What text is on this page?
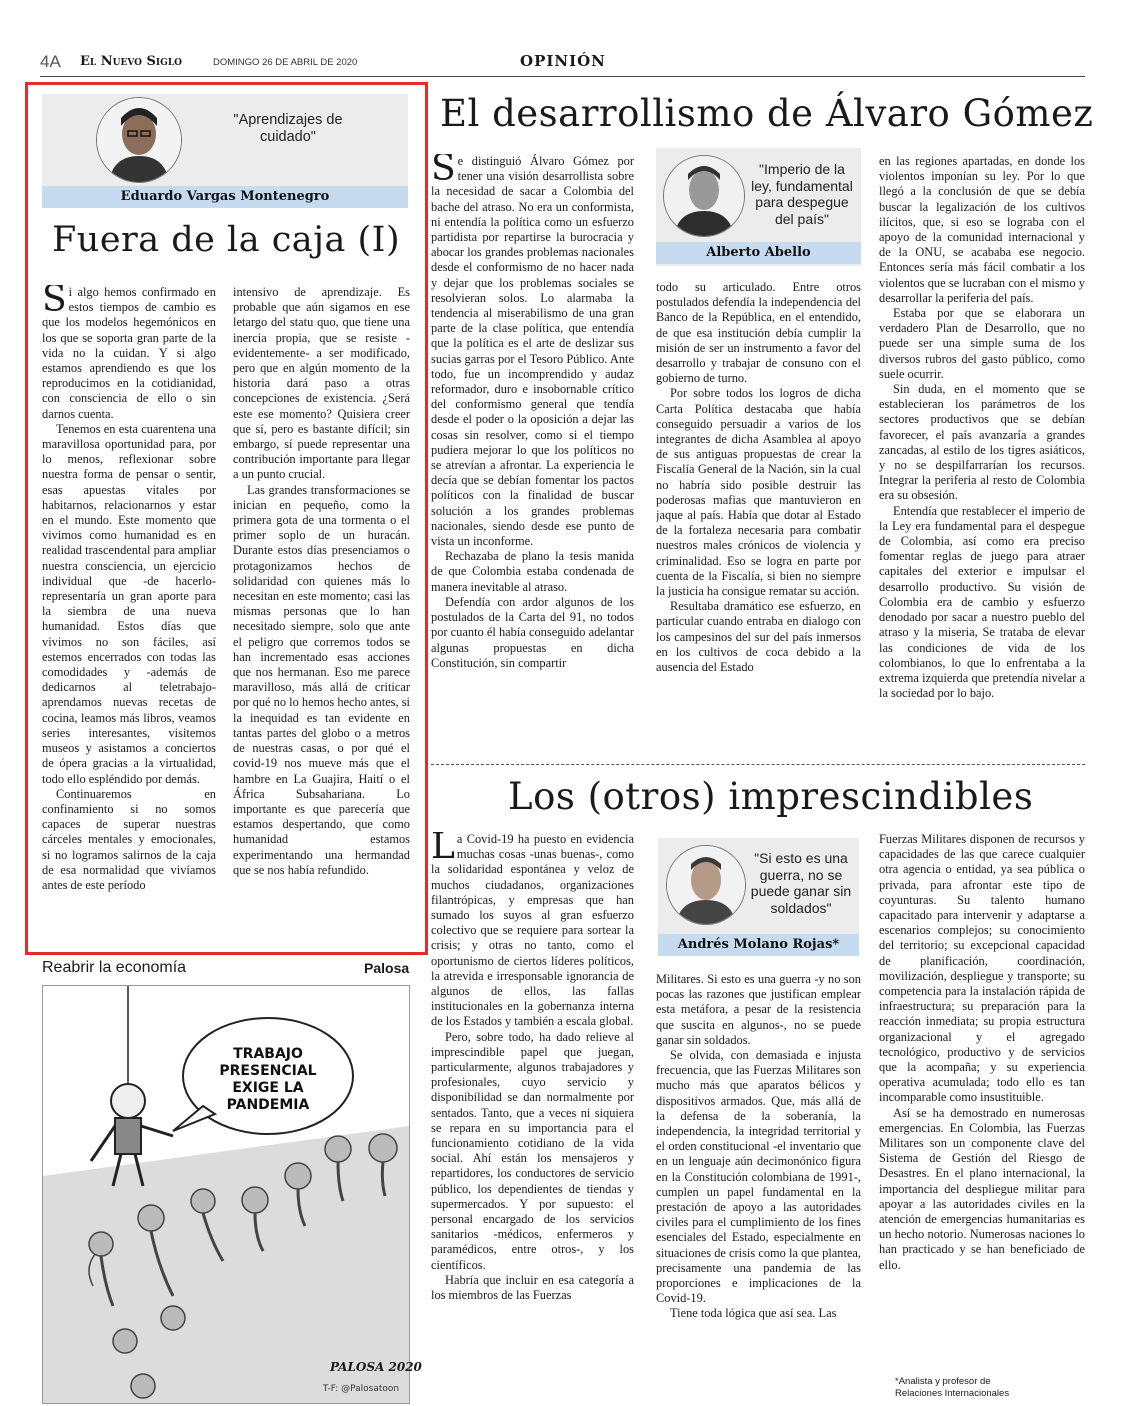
4A El Nuevo Siglo	DOMINGO 26 DE ABRIL DE 2020	OPINIÓN
"Aprendizajes de cuidado"
Eduardo Vargas Montenegro
Fuera de la caja (I)

Si algo hemos confirmado en estos tiempos de cambio es que los modelos hegemónicos en los que se soporta gran parte de la vida no la cuidan. Y si algo estamos aprendiendo es que los reproducimos en la cotidianidad, con consciencia de ello o sin darnos cuenta.

Tenemos en esta cuarentena una maravillosa oportunidad para, por lo menos, reflexionar sobre nuestra forma de pensar o sentir, esas apuestas vitales por habitarnos, relacionarnos y estar en el mundo. Este momento que vivimos como humanidad es en realidad trascendental para ampliar nuestra consciencia, un ejercicio individual que -de hacerlo- representaría un gran aporte para la siembra de una nueva humanidad. Estos días que vivimos no son fáciles, así estemos encerrados con todas las comodidades y -además de dedicarnos al teletrabajo- aprendamos nuevas recetas de cocina, leamos más libros, veamos series interesantes, visitemos museos y asistamos a conciertos de ópera gracias a la virtualidad, todo ello espléndido por demás.

Continuaremos en confinamiento si no somos capaces de superar nuestras cárceles mentales y emocionales, si no logramos salirnos de la caja de esa normalidad que vivíamos antes de este período

intensivo de aprendizaje. Es probable que aún sigamos en ese letargo del statu quo, que tiene una inercia propia, que se resiste -evidentemente- a ser modificado, pero que en algún momento de la historia dará paso a otras concepciones de existencia. ¿Será este ese momento? Quisiera creer que sí, pero es bastante difícil; sin embargo, sí puede representar una contribución importante para llegar a un punto crucial.

Las grandes transformaciones se inician en pequeño, como la primera gota de una tormenta o el primer soplo de un huracán. Durante estos días presenciamos o protagonizamos hechos de solidaridad con quienes más lo necesitan en este momento; casi las mismas personas que lo han necesitado siempre, solo que ante el peligro que corremos todos se han incrementado esas acciones que nos hermanan. Eso me parece maravilloso, más allá de criticar por qué no lo hemos hecho antes, si la inequidad es tan evidente en tantas partes del globo o a metros de nuestras casas, o por qué el covid-19 nos mueve más que el hambre en La Guajira, Haití o el África Subsahariana. Lo importante es que parecería que estamos despertando, que como humanidad estamos experimentando una hermandad que se nos había refundido.

Reabrir la economía	Palosa
TRABAJO
PRESENCIAL
EXIGE LA
PANDEMIA
T-F: @Palosatoon
PALOSA 2020
El desarrollismo de Álvaro Gómez
"Imperio de la ley, fundamental para despegue del país"
Alberto Abello

Se distinguió Álvaro Gómez por tener una visión desarrollista sobre la necesidad de sacar a Colombia del bache del atraso. No era un conformista, ni entendía la política como un esfuerzo partidista por repartirse la burocracia y abocar los grandes problemas nacionales desde el conformismo de no hacer nada y dejar que los problemas sociales se resolvieran solos. Lo alarmaba la tendencia al miserabilismo de una gran parte de la clase política, que entendía que la política es el arte de deslizar sus sucias garras por el Tesoro Público. Ante todo, fue un incomprendido y audaz reformador, duro e insobornable crítico del conformismo general que tendía desde el poder o la oposición a dejar las cosas sin resolver, como si el tiempo pudiera mejorar lo que los políticos no se atrevían a afrontar. La experiencia le decía que se debían fomentar los pactos políticos con la finalidad de buscar solución a los grandes problemas nacionales, siendo desde ese punto de vista un inconforme.

Rechazaba de plano la tesis manida de que Colombia estaba condenada de manera inevitable al atraso.

Defendía con ardor algunos de los postulados de la Carta del 91, no todos por cuanto él había conseguido adelantar algunas propuestas en dicha Constitución, sin compartir

todo su articulado. Entre otros postulados defendía la independencia del Banco de la República, en el entendido, de que esa institución debía cumplir la misión de ser un instrumento a favor del desarrollo y trabajar de consuno con el gobierno de turno.

Por sobre todos los logros de dicha Carta Política destacaba que había conseguido persuadir a varios de los integrantes de dicha Asamblea al apoyo de sus antiguas propuestas de crear la Fiscalía General de la Nación, sin la cual no habría sido posible destruir las poderosas mafias que mantuvieron en jaque al país. Había que dotar al Estado de la fortaleza necesaria para combatir nuestros males crónicos de violencia y criminalidad. Eso se logra en parte por cuenta de la Fiscalía, si bien no siempre la justicia ha consigue rematar su acción.

Resultaba dramático ese esfuerzo, en particular cuando entraba en dialogo con los campesinos del sur del país inmersos en los cultivos de coca debido a la ausencia del Estado

en las regiones apartadas, en donde los violentos imponían su ley. Por lo que llegó a la conclusión de que se debía buscar la legalización de los cultivos ilícitos, que, si eso se lograba con el apoyo de la comunidad internacional y de la ONU, se acababa ese negocio. Entonces sería más fácil combatir a los violentos que se lucraban con el mismo y desarrollar la periferia del país.

Estaba por que se elaborara un verdadero Plan de Desarrollo, que no puede ser una simple suma de los diversos rubros del gasto público, como suele ocurrir.

Sin duda, en el momento que se establecieran los parámetros de los sectores productivos que se debían favorecer, el país avanzaría a grandes zancadas, al estilo de los tigres asiáticos, y no se despilfarrarían los recursos. Integrar la periferia al resto de Colombia era su obsesión.

Entendía que restablecer el imperio de la Ley era fundamental para el despegue de Colombia, así como era preciso fomentar reglas de juego para atraer capitales del exterior e impulsar el desarrollo productivo. Su visión de Colombia era de cambio y esfuerzo denodado por sacar a nuestro pueblo del atraso y la miseria, Se trataba de elevar las condiciones de vida de los colombianos, lo que lo enfrentaba a la extrema izquierda que pretendía nivelar a la sociedad por lo bajo.

Los (otros) imprescindibles
"Si esto es una guerra, no se puede ganar sin soldados"
Andrés Molano Rojas*

La Covid-19 ha puesto en evidencia muchas cosas -unas buenas-, como la solidaridad espontánea y veloz de muchos ciudadanos, organizaciones filantrópicas, y empresas que han sumado los suyos al gran esfuerzo colectivo que se requiere para sortear la crisis; y otras no tanto, como el oportunismo de ciertos líderes políticos, la atrevida e irresponsable ignorancia de algunos de ellos, las fallas institucionales en la gobernanza interna de los Estados y también a escala global.

Pero, sobre todo, ha dado relieve al imprescindible papel que juegan, particularmente, algunos trabajadores y profesionales, cuyo servicio y disponibilidad se dan normalmente por sentados. Tanto, que a veces ni siquiera se repara en su importancia para el funcionamiento cotidiano de la vida social. Ahí están los mensajeros y repartidores, los conductores de servicio público, los dependientes de tiendas y supermercados. Y por supuesto: el personal encargado de los servicios sanitarios -médicos, enfermeros y paramédicos, entre otros-, y los científicos.

Habría que incluir en esa categoría a los miembros de las Fuerzas

Militares. Si esto es una guerra -y no son pocas las razones que justifican emplear esta metáfora, a pesar de la resistencia que suscita en algunos-, no se puede ganar sin soldados.

Se olvida, con demasiada e injusta frecuencia, que las Fuerzas Militares son mucho más que aparatos bélicos y dispositivos armados. Que, más allá de la defensa de la soberanía, la independencia, la integridad territorial y el orden constitucional -el inventario que en un lenguaje aún decimonónico figura en la Constitución colombiana de 1991-, cumplen un papel fundamental en la prestación de apoyo a las autoridades civiles para el cumplimiento de los fines esenciales del Estado, especialmente en situaciones de crisis como la que plantea, precisamente una pandemia de las proporciones e implicaciones de la Covid-19.

Tiene toda lógica que así sea. Las

Fuerzas Militares disponen de recursos y capacidades de las que carece cualquier otra agencia o entidad, ya sea pública o privada, para afrontar este tipo de coyunturas. Su talento humano capacitado para intervenir y adaptarse a escenarios complejos; su conocimiento del territorio; su excepcional capacidad de planificación, coordinación, movilización, despliegue y transporte; su competencia para la instalación rápida de infraestructura; su preparación para la reacción inmediata; su propia estructura organizacional y el agregado tecnológico, productivo y de servicios que la acompaña; y su experiencia operativa acumulada; todo ello es tan incomparable como insustituible.

Así se ha demostrado en numerosas emergencias. En Colombia, las Fuerzas Militares son un componente clave del Sistema de Gestión del Riesgo de Desastres. En el plano internacional, la importancia del despliegue militar para apoyar a las autoridades civiles en la atención de emergencias humanitarias es un hecho notorio. Numerosas naciones lo han practicado y se han beneficiado de ello.

*Analista y profesor de Relaciones Internacionales
